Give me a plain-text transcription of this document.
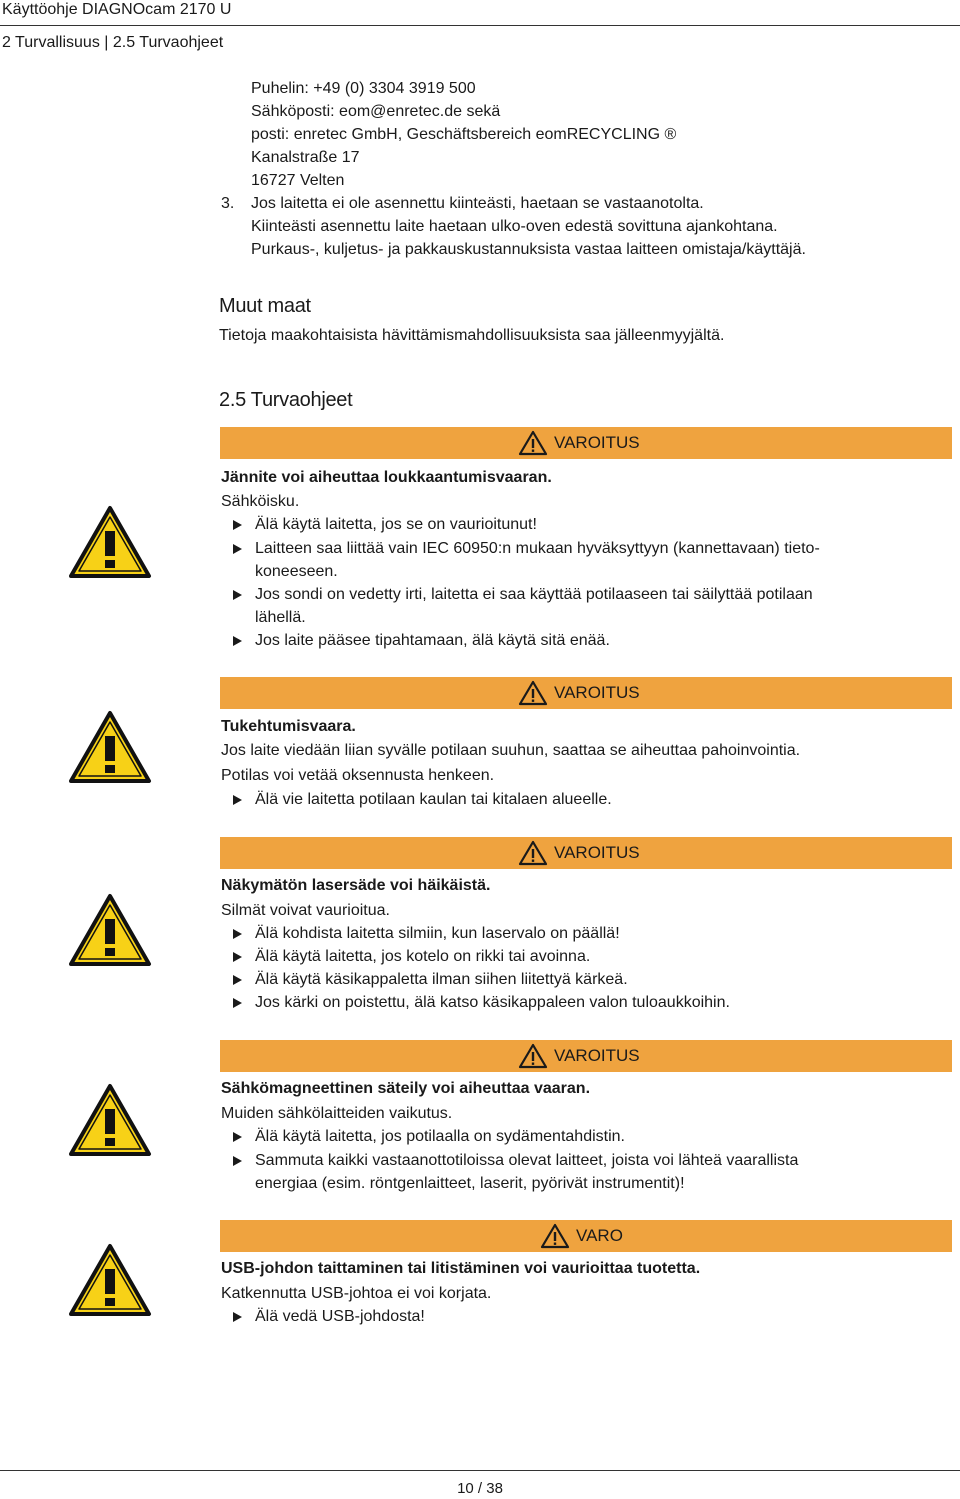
Käyttöohje DIAGNOcam 2170 U
2 Turvallisuus | 2.5 Turvaohjeet
Puhelin: +49 (0) 3304 3919 500
Sähköposti: eom@enretec.de sekä
posti: enretec GmbH, Geschäftsbereich eomRECYCLING ®
Kanalstraße 17
16727 Velten
3. Jos laitetta ei ole asennettu kiinteästi, haetaan se vastaanotolta.
Kiinteästi asennettu laite haetaan ulko-oven edestä sovittuna ajankohtana.
Purkaus-, kuljetus- ja pakkauskustannuksista vastaa laitteen omistaja/käyttäjä.
Muut maat
Tietoja maakohtaisista hävittämismahdollisuuksista saa jälleenmyyjältä.
2.5 Turvaohjeet
VAROITUS
Jännite voi aiheuttaa loukkaantumisvaaran.
Sähköisku.
Älä käytä laitetta, jos se on vaurioitunut!
Laitteen saa liittää vain IEC 60950:n mukaan hyväksyttyyn (kannettavaan) tieto-
koneeseen.
Jos sondi on vedetty irti, laitetta ei saa käyttää potilaaseen tai säilyttää potilaan
lähellä.
Jos laite pääsee tipahtamaan, älä käytä sitä enää.
VAROITUS
Tukehtumisvaara.
Jos laite viedään liian syvälle potilaan suuhun, saattaa se aiheuttaa pahoinvointia.
Potilas voi vetää oksennusta henkeen.
Älä vie laitetta potilaan kaulan tai kitalaen alueelle.
VAROITUS
Näkymätön lasersäde voi häikäistä.
Silmät voivat vaurioitua.
Älä kohdista laitetta silmiin, kun laservalo on päällä!
Älä käytä laitetta, jos kotelo on rikki tai avoinna.
Älä käytä käsikappaletta ilman siihen liitettyä kärkeä.
Jos kärki on poistettu, älä katso käsikappaleen valon tuloaukkoihin.
VAROITUS
Sähkömagneettinen säteily voi aiheuttaa vaaran.
Muiden sähkölaitteiden vaikutus.
Älä käytä laitetta, jos potilaalla on sydämentahdistin.
Sammuta kaikki vastaanottotiloissa olevat laitteet, joista voi lähteä vaarallista
energiaa (esim. röntgenlaitteet, laserit, pyörivät instrumentit)!
VARO
USB-johdon taittaminen tai litistäminen voi vaurioittaa tuotetta.
Katkennutta USB-johtoa ei voi korjata.
Älä vedä USB-johdosta!
10 / 38
